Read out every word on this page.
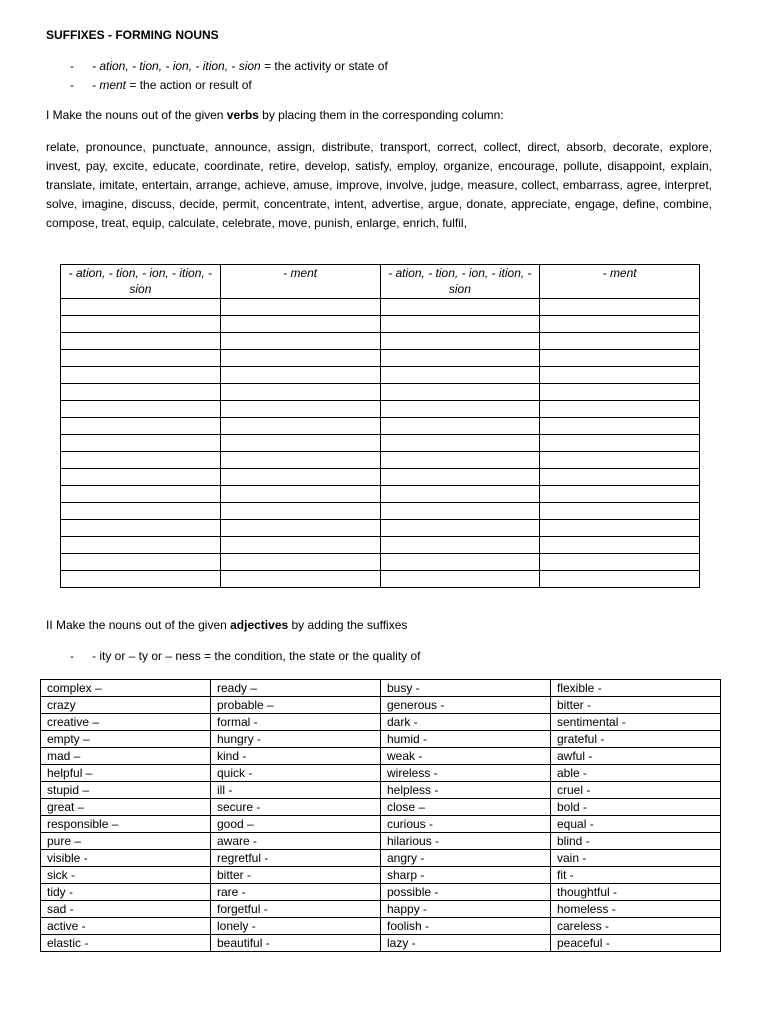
SUFFIXES - FORMING NOUNS
- - ation, - tion, - ion, - ition, - sion = the activity or state of
- - ment = the action or result of
I Make the nouns out of the given verbs by placing them in the corresponding column:

relate, pronounce, punctuate, announce, assign, distribute, transport, correct, collect, direct, absorb, decorate, explore, invest, pay, excite, educate, coordinate, retire, develop, satisfy, employ, organize, encourage, pollute, disappoint, explain, translate, imitate, entertain, arrange, achieve, amuse, improve, involve, judge, measure, collect, embarrass, agree, interpret, solve, imagine, discuss, decide, permit, concentrate, intent, advertise, argue, donate, appreciate, engage, define, combine, compose, treat, equip, calculate, celebrate, move, punish, enlarge, enrich, fulfil,

- ation, - tion, - ion, - ition, - sion	- ment	- ation, - tion, - ion, - ition, - sion	- ment

II Make the nouns out of the given adjectives by adding the suffixes
- - ity or – ty or – ness = the condition, the state or the quality of
complex –	ready –	busy -	flexible -
crazy	probable –	generous -	bitter -
creative –	formal -	dark -	sentimental -
empty –	hungry -	humid -	grateful -
mad –	kind -	weak -	awful -
helpful –	quick -	wireless -	able -
stupid –	ill -	helpless -	cruel -
great –	secure -	close –	bold -
responsible –	good –	curious -	equal -
pure –	aware -	hilarious -	blind -
visible -	regretful -	angry -	vain -
sick -	bitter -	sharp -	fit -
tidy -	rare -	possible -	thoughtful -
sad -	forgetful -	happy -	homeless -
active -	lonely -	foolish -	careless -
elastic -	beautiful -	lazy -	peaceful -
